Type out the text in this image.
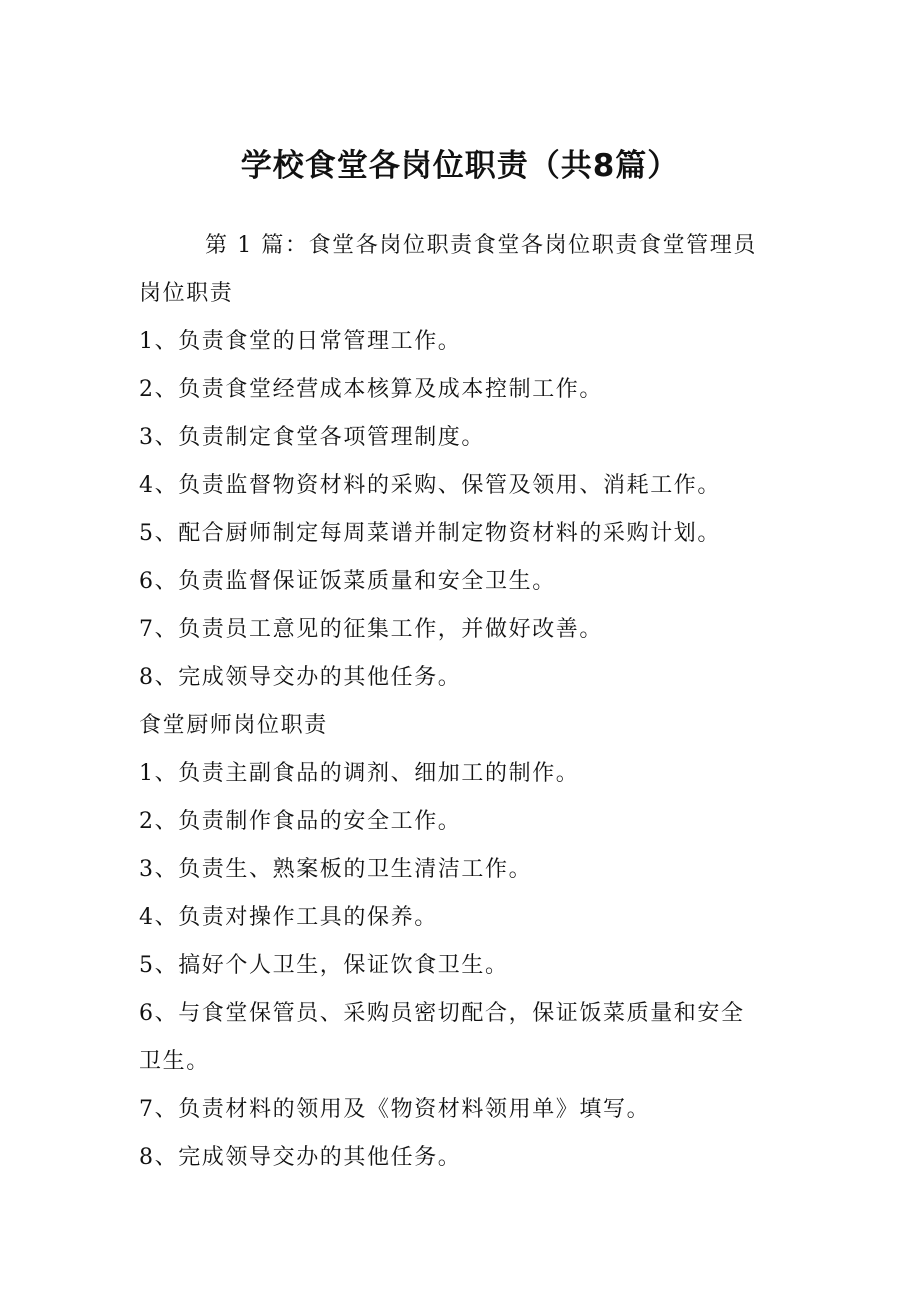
学校食堂各岗位职责（共8篇）

第 1 篇：食堂各岗位职责食堂各岗位职责食堂管理员

岗位职责

1、负责食堂的日常管理工作。

2、负责食堂经营成本核算及成本控制工作。

3、负责制定食堂各项管理制度。

4、负责监督物资材料的采购、保管及领用、消耗工作。

5、配合厨师制定每周菜谱并制定物资材料的采购计划。

6、负责监督保证饭菜质量和安全卫生。

7、负责员工意见的征集工作，并做好改善。

8、完成领导交办的其他任务。

食堂厨师岗位职责

1、负责主副食品的调剂、细加工的制作。

2、负责制作食品的安全工作。

3、负责生、熟案板的卫生清洁工作。

4、负责对操作工具的保养。

5、搞好个人卫生，保证饮食卫生。

6、与食堂保管员、采购员密切配合，保证饭菜质量和安全

卫生。

7、负责材料的领用及《物资材料领用单》填写。

8、完成领导交办的其他任务。
